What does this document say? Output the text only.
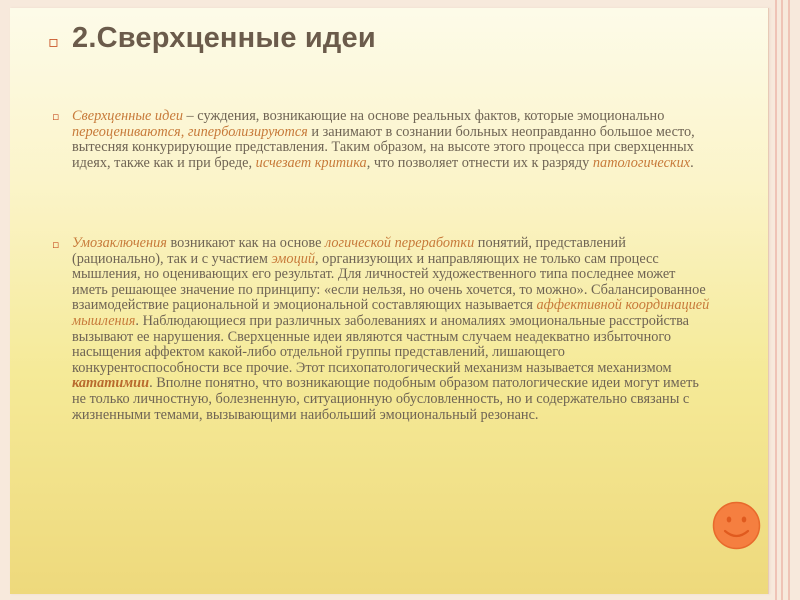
▫ 2.Сверхценные идеи
▫ Сверхценные идеи – суждения, возникающие на основе реальных фактов, которые эмоционально переоцениваются, гиперболизируются и занимают в сознании больных неоправданно большое место, вытесняя конкурирующие представления. Таким образом, на высоте этого процесса при сверхценных идеях, также как и при бреде, исчезает критика, что позволяет отнести их к разряду патологических.

▫ Умозаключения возникают как на основе логической переработки понятий, представлений (рационально), так и с участием эмоций, организующих и направляющих не только сам процесс мышления, но оценивающих его результат. Для личностей художественного типа последнее может иметь решающее значение по принципу: «если нельзя, но очень хочется, то можно». Сбалансированное взаимодействие рациональной и эмоциональной составляющих называется аффективной координацией мышления. Наблюдающиеся при различных заболеваниях и аномалиях эмоциональные расстройства вызывают ее нарушения. Сверхценные идеи являются частным случаем неадекватно избыточного насыщения аффектом какой-либо отдельной группы представлений, лишающего конкурентоспособности все прочие. Этот психопатологический механизм называется механизмом кататимии. Вполне понятно, что возникающие подобным образом патологические идеи могут иметь не только личностную, болезненную, ситуационную обусловленность, но и содержательно связаны с жизненными темами, вызывающими наибольший эмоциональный резонанс.
